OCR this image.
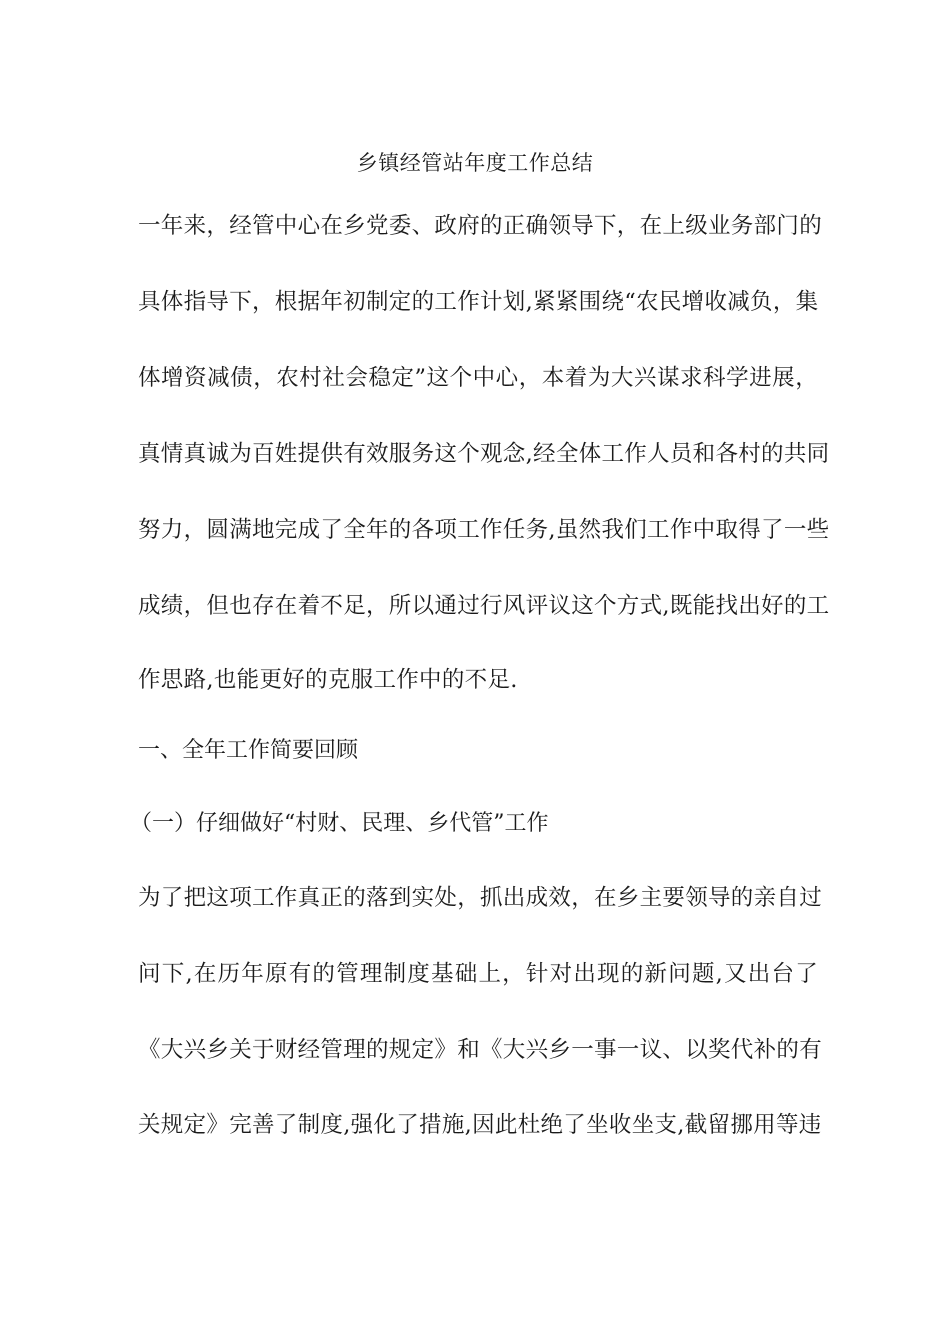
乡镇经管站年度工作总结
一年来，经管中心在乡党委、政府的正确领导下，在上级业务部门的
具体指导下，根据年初制定的工作计划,紧紧围绕“农民增收减负，集
体增资减债，农村社会稳定”这个中心，本着为大兴谋求科学进展，
真情真诚为百姓提供有效服务这个观念,经全体工作人员和各村的共同
努力，圆满地完成了全年的各项工作任务,虽然我们工作中取得了一些
成绩，但也存在着不足，所以通过行风评议这个方式,既能找出好的工
作思路,也能更好的克服工作中的不足.
一、全年工作简要回顾
（一）仔细做好“村财、民理、乡代管”工作
为了把这项工作真正的落到实处，抓出成效，在乡主要领导的亲自过
问下,在历年原有的管理制度基础上，针对出现的新问题,又出台了
《大兴乡关于财经管理的规定》和《大兴乡一事一议、以奖代补的有
关规定》完善了制度,强化了措施,因此杜绝了坐收坐支,截留挪用等违
